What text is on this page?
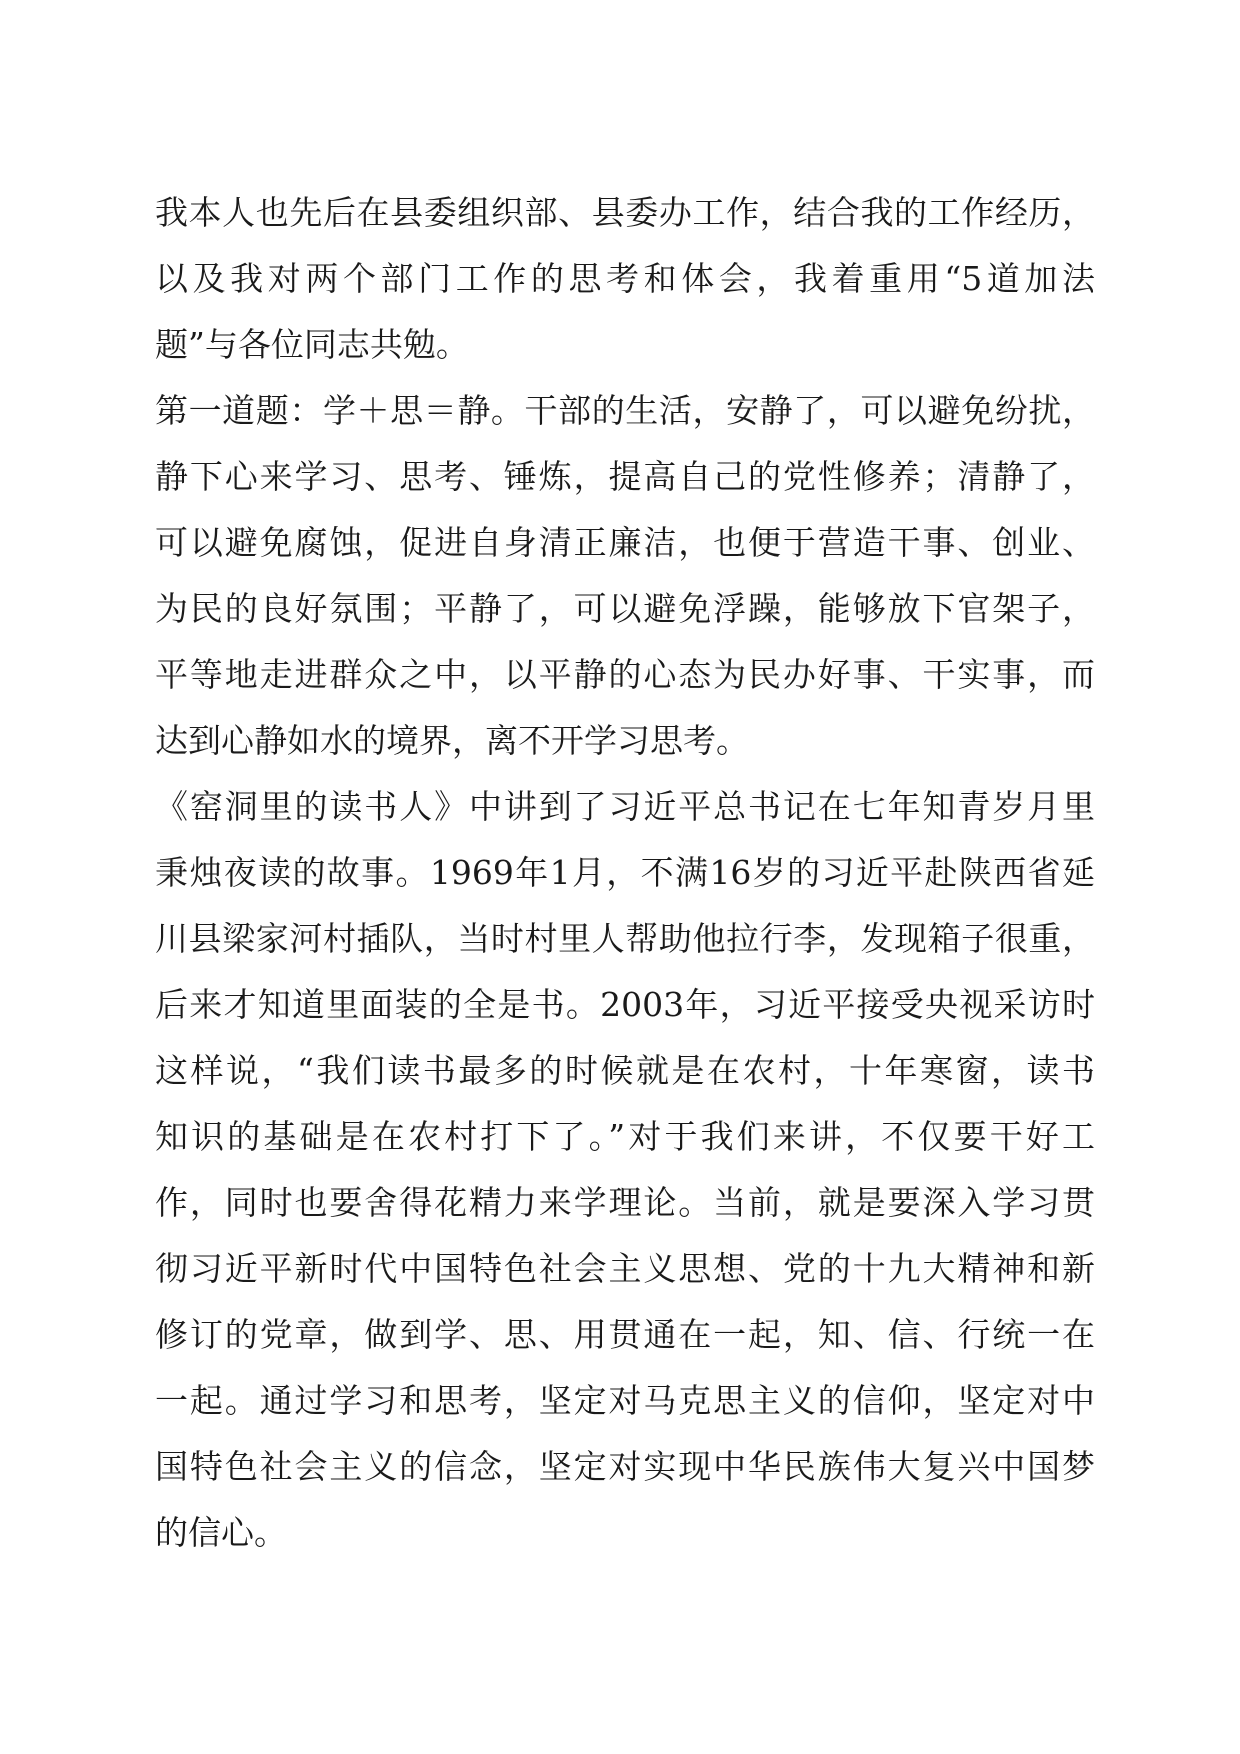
我本人也先后在县委组织部、县委办工作，结合我的工作经历，
以及我对两个部门工作的思考和体会，我着重用“5道加法
题”与各位同志共勉。
第一道题：学＋思＝静。干部的生活，安静了，可以避免纷扰，
静下心来学习、思考、锤炼，提高自己的党性修养；清静了，
可以避免腐蚀，促进自身清正廉洁，也便于营造干事、创业、
为民的良好氛围；平静了，可以避免浮躁，能够放下官架子，
平等地走进群众之中，以平静的心态为民办好事、干实事，而
达到心静如水的境界，离不开学习思考。
《窑洞里的读书人》中讲到了习近平总书记在七年知青岁月里
秉烛夜读的故事。1969年1月，不满16岁的习近平赴陕西省延
川县梁家河村插队，当时村里人帮助他拉行李，发现箱子很重，
后来才知道里面装的全是书。2003年，习近平接受央视采访时
这样说，“我们读书最多的时候就是在农村，十年寒窗，读书
知识的基础是在农村打下了。”对于我们来讲，不仅要干好工
作，同时也要舍得花精力来学理论。当前，就是要深入学习贯
彻习近平新时代中国特色社会主义思想、党的十九大精神和新
修订的党章，做到学、思、用贯通在一起，知、信、行统一在
一起。通过学习和思考，坚定对马克思主义的信仰，坚定对中
国特色社会主义的信念，坚定对实现中华民族伟大复兴中国梦
的信心。
